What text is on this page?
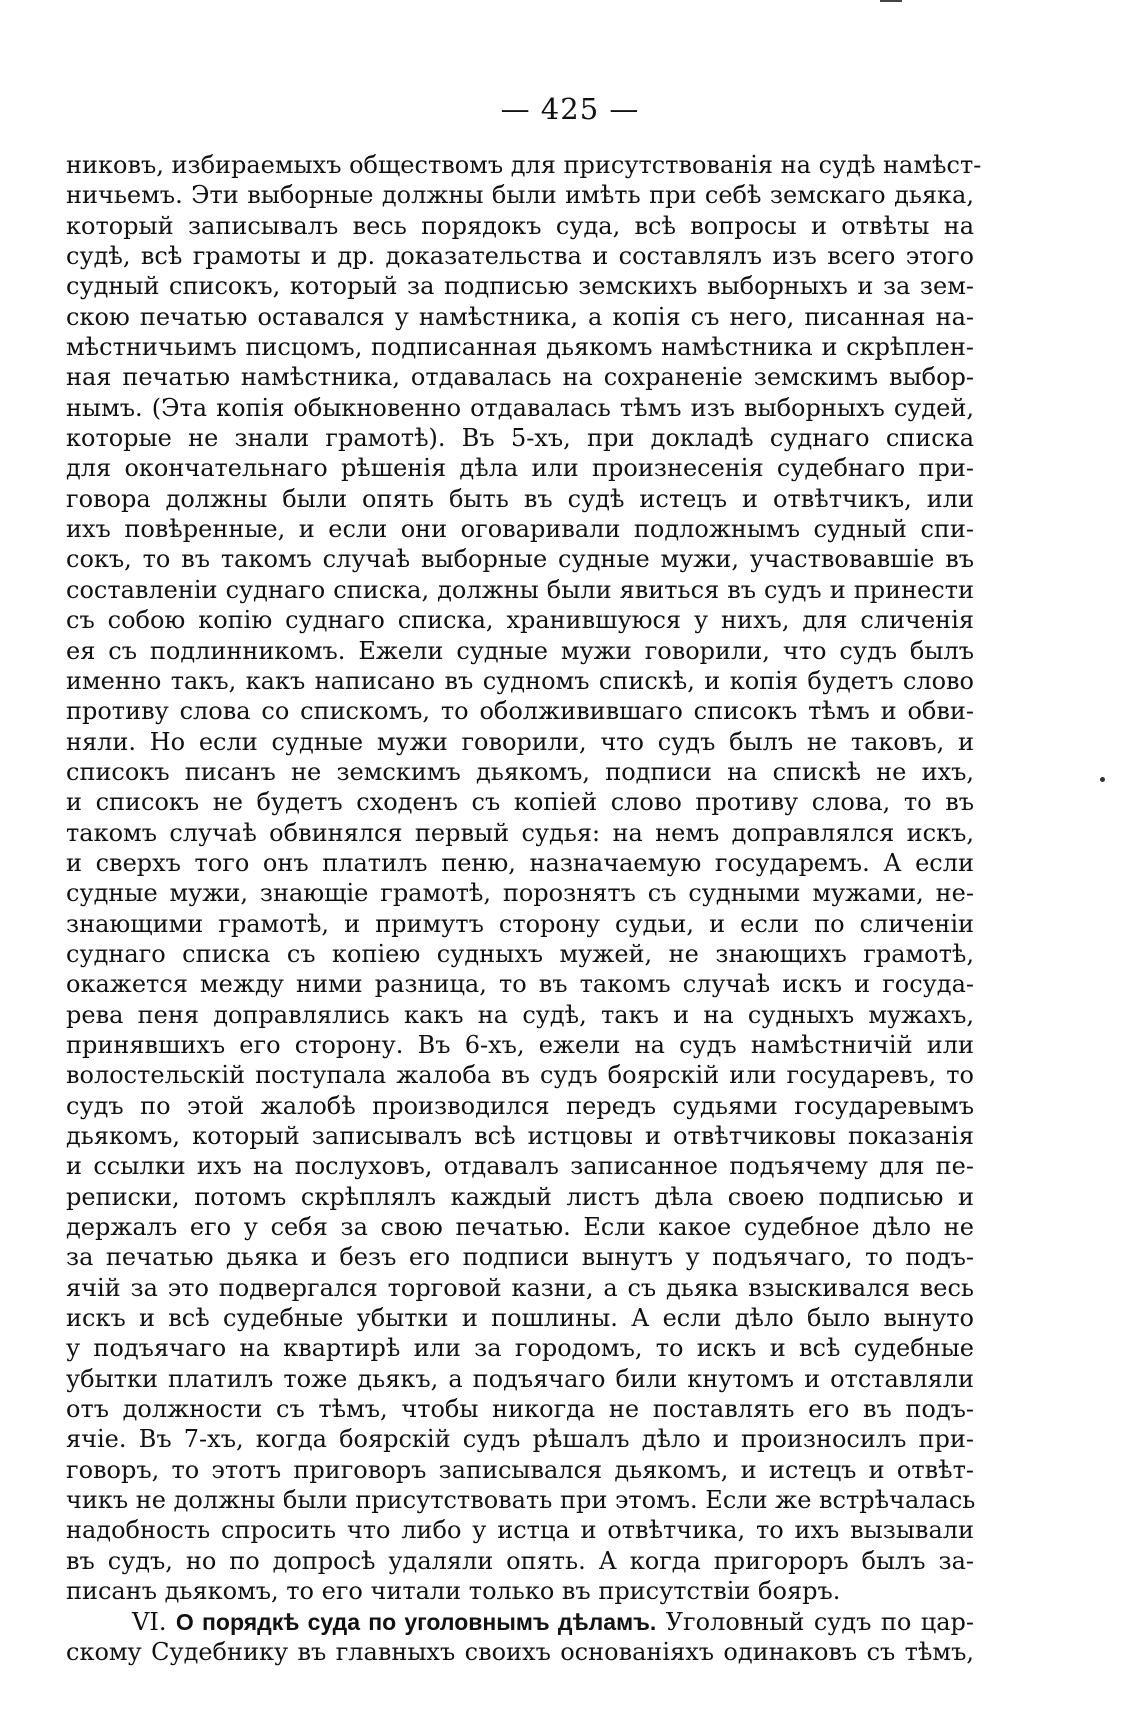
— 425 —
никовъ, избираемыхъ обществомъ для присутствованія на судѣ намѣст-
ничьемъ. Эти выборные должны были имѣть при себѣ земскаго дьяка,
который записывалъ весь порядокъ суда, всѣ вопросы и отвѣты на
судѣ, всѣ грамоты и др. доказательства и составлялъ изъ всего этого
судный списокъ, который за подписью земскихъ выборныхъ и за зем-
скою печатью оставался у намѣстника, а копія съ него, писанная на-
мѣстничьимъ писцомъ, подписанная дьякомъ намѣстника и скрѣплен-
ная печатью намѣстника, отдавалась на сохраненіе земскимъ выбор-
нымъ. (Эта копія обыкновенно отдавалась тѣмъ изъ выборныхъ судей,
которые не знали грамотѣ). Въ 5-хъ, при докладѣ суднаго списка
для окончательнаго рѣшенія дѣла или произнесенія судебнаго при-
говора должны были опять быть въ судѣ истецъ и отвѣтчикъ, или
ихъ повѣренные, и если они оговаривали подложнымъ судный спи-
сокъ, то въ такомъ случаѣ выборные судные мужи, участвовавшіе въ
составленіи суднаго списка, должны были явиться въ судъ и принести
съ собою копію суднаго списка, хранившуюся у нихъ, для сличенія
ея съ подлинникомъ. Ежели судные мужи говорили, что судъ былъ
именно такъ, какъ написано въ судномъ спискѣ, и копія будетъ слово
противу слова со спискомъ, то оболживившаго списокъ тѣмъ и обви-
няли. Но если судные мужи говорили, что судъ былъ не таковъ, и
списокъ писанъ не земскимъ дьякомъ, подписи на спискѣ не ихъ,
и списокъ не будетъ сходенъ съ копіей слово противу слова, то въ
такомъ случаѣ обвинялся первый судья: на немъ доправлялся искъ,
и сверхъ того онъ платилъ пеню, назначаемую государемъ. А если
судные мужи, знающіе грамотѣ, порознятъ съ судными мужами, не-
знающими грамотѣ, и примутъ сторону судьи, и если по сличеніи
суднаго списка съ копіею судныхъ мужей, не знающихъ грамотѣ,
окажется между ними разница, то въ такомъ случаѣ искъ и госуда-
рева пеня доправлялись какъ на судѣ, такъ и на судныхъ мужахъ,
принявшихъ его сторону. Въ 6-хъ, ежели на судъ намѣстничій или
волостельскій поступала жалоба въ судъ боярскій или государевъ, то
судъ по этой жалобѣ производился передъ судьями государевымъ
дьякомъ, который записывалъ всѣ истцовы и отвѣтчиковы показанія
и ссылки ихъ на послуховъ, отдавалъ записанное подъячему для пе-
реписки, потомъ скрѣплялъ каждый листъ дѣла своею подписью и
держалъ его у себя за свою печатью. Если какое судебное дѣло не
за печатью дьяка и безъ его подписи вынутъ у подъячаго, то подъ-
ячій за это подвергался торговой казни, а съ дьяка взыскивался весь
искъ и всѣ судебные убытки и пошлины. А если дѣло было вынуто
у подъячаго на квартирѣ или за городомъ, то искъ и всѣ судебные
убытки платилъ тоже дьякъ, а подъячаго били кнутомъ и отставляли
отъ должности съ тѣмъ, чтобы никогда не поставлять его въ подъ-
ячіе. Въ 7-хъ, когда боярскій судъ рѣшалъ дѣло и произносилъ при-
говоръ, то этотъ приговоръ записывался дьякомъ, и истецъ и отвѣт-
чикъ не должны были присутствовать при этомъ. Если же встрѣчалась
надобность спросить что либо у истца и отвѣтчика, то ихъ вызывали
въ судъ, но по допросѣ удаляли опять. А когда пригороръ былъ за-
писанъ дьякомъ, то его читали только въ присутствіи бояръ.
VI. О порядкѣ суда по уголовнымъ дѣламъ. Уголовный судъ по цар-
скому Судебнику въ главныхъ своихъ основаніяхъ одинаковъ съ тѣмъ,
